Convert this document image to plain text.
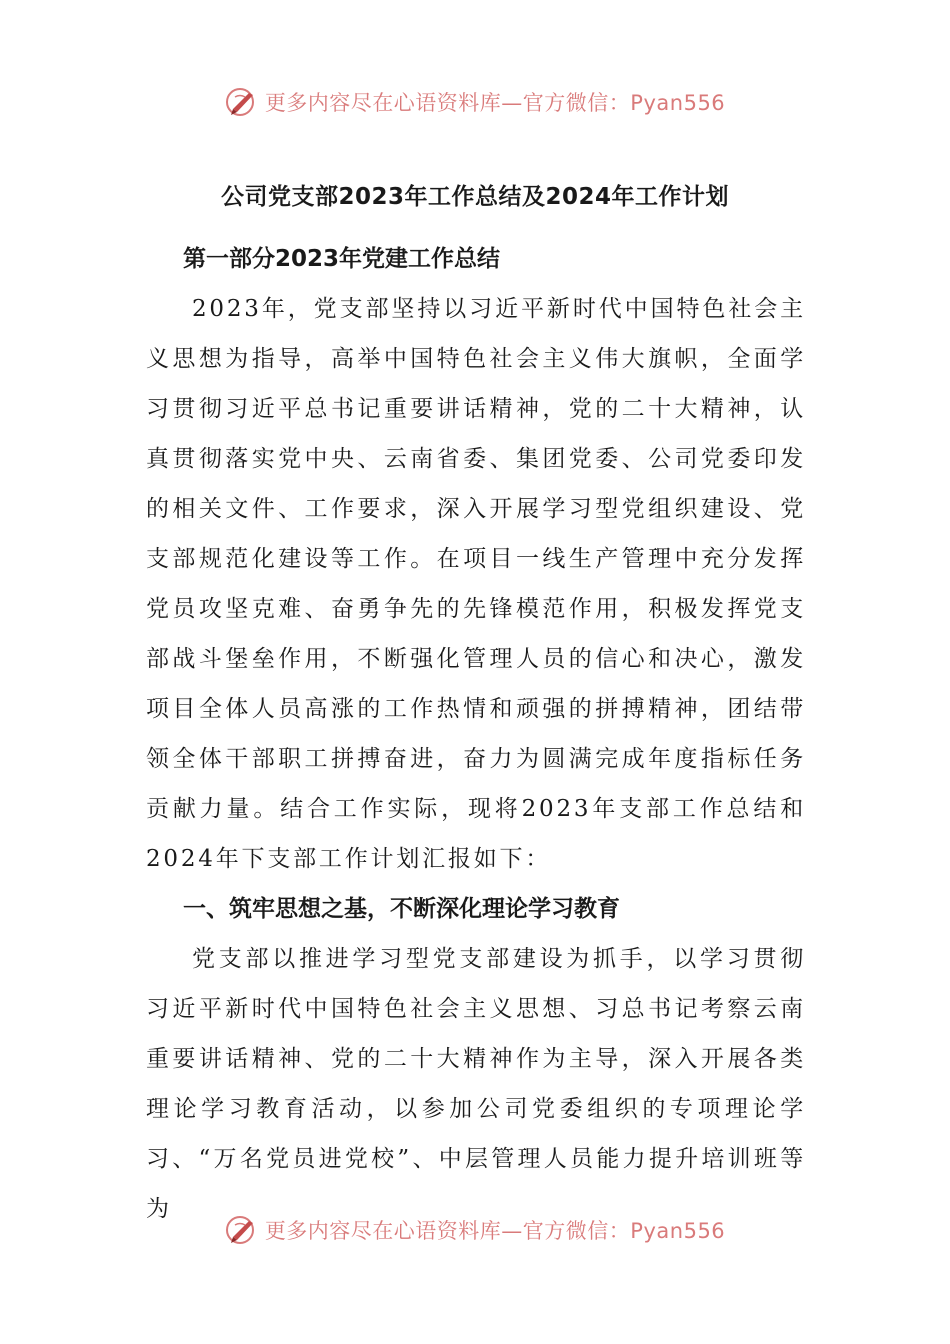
更多内容尽在心语资料库—官方微信：Pyan556
公司党支部2023年工作总结及2024年工作计划
第一部分2023年党建工作总结

2023年，党支部坚持以习近平新时代中国特色社会主义思想为指导，高举中国特色社会主义伟大旗帜，全面学习贯彻习近平总书记重要讲话精神，党的二十大精神，认真贯彻落实党中央、云南省委、集团党委、公司党委印发的相关文件、工作要求，深入开展学习型党组织建设、党支部规范化建设等工作。在项目一线生产管理中充分发挥党员攻坚克难、奋勇争先的先锋模范作用，积极发挥党支部战斗堡垒作用，不断强化管理人员的信心和决心，激发项目全体人员高涨的工作热情和顽强的拼搏精神，团结带领全体干部职工拼搏奋进，奋力为圆满完成年度指标任务贡献力量。结合工作实际，现将2023年支部工作总结和2024年下支部工作计划汇报如下：

一、筑牢思想之基，不断深化理论学习教育

党支部以推进学习型党支部建设为抓手，以学习贯彻习近平新时代中国特色社会主义思想、习总书记考察云南重要讲话精神、党的二十大精神作为主导，深入开展各类理论学习教育活动，以参加公司党委组织的专项理论学习、“万名党员进党校”、中层管理人员能力提升培训班等为

更多内容尽在心语资料库—官方微信：Pyan556
